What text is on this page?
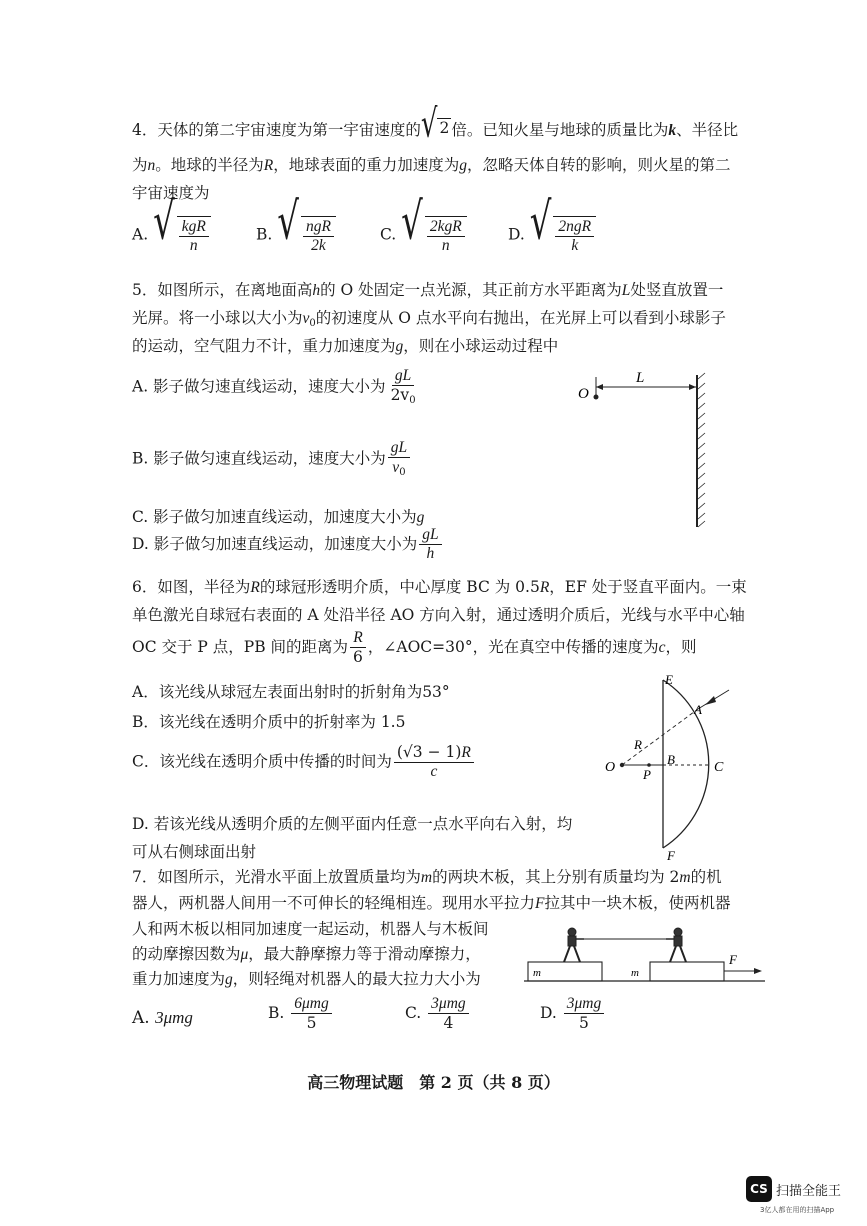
4．天体的第二宇宙速度为第一宇宙速度的 √ 2 倍。已知火星与地球的质量比为k、半径比
为n。地球的半径为R，地球表面的重力加速度为g，忽略天体自转的影响，则火星的第二
宇宙速度为
A. √ $\frac{\text{kgR}}{n}$	B. √ $\frac{\text{ngR}}{2k}$	C. √ $\frac{\text{2kgR}}{n}$	D. √ $\frac{\text{2ngR}}{k}$
5．如图所示，在离地面高h的 O 处固定一点光源，其正前方水平距离为L处竖直放置一
光屏。将一小球以大小为$v_0$的初速度从 O 点水平向右抛出，在光屏上可以看到小球影子
的运动，空气阻力不计，重力加速度为g，则在小球运动过程中
A. 影子做匀速直线运动，速度大小为 $\frac{gL}{2v_0}$
B. 影子做匀速直线运动，速度大小为 $\frac{gL}{v_0}$
C. 影子做匀加速直线运动，加速度大小为g
D. 影子做匀加速直线运动，加速度大小为 $\frac{gL}{h}$
O
L
6．如图，半径为R的球冠形透明介质，中心厚度 BC 为 0.5R，EF 处于竖直平面内。一束
单色激光自球冠右表面的 A 处沿半径 AO 方向入射，通过透明介质后，光线与水平中心轴
OC 交于 P 点，PB 间的距离为 $\frac{R}{6}$ ，∠AOC=30°，光在真空中传播的速度为c，则
A．该光线从球冠左表面出射时的折射角为53°
B．该光线在透明介质中的折射率为 1.5
C．该光线在透明介质中传播的时间为 $\frac{(√3 - 1)R}{c}$
D. 若该光线从透明介质的左侧平面内任意一点水平向右入射，均
可从右侧球面出射
E
A
R
O P
B
C
F
7．如图所示，光滑水平面上放置质量均为m的两块木板，其上分别有质量均为 2m的机
器人，两机器人间用一不可伸长的轻绳相连。现用水平拉力F拉其中一块木板，使两机器
人和两木板以相同加速度一起运动，机器人与木板间
的动摩擦因数为μ，最大静摩擦力等于滑动摩擦力，
重力加速度为g，则轻绳对机器人的最大拉力大小为
A. 3μmg	B. $\frac{\text{6μmg}}{5}$	C. $\frac{\text{3μmg}}{4}$	D. $\frac{\text{3μmg}}{5}$
m	m
F
高三物理试题　第 2 页（共 8 页）
CS 扫描全能王
3亿人都在用的扫描App
